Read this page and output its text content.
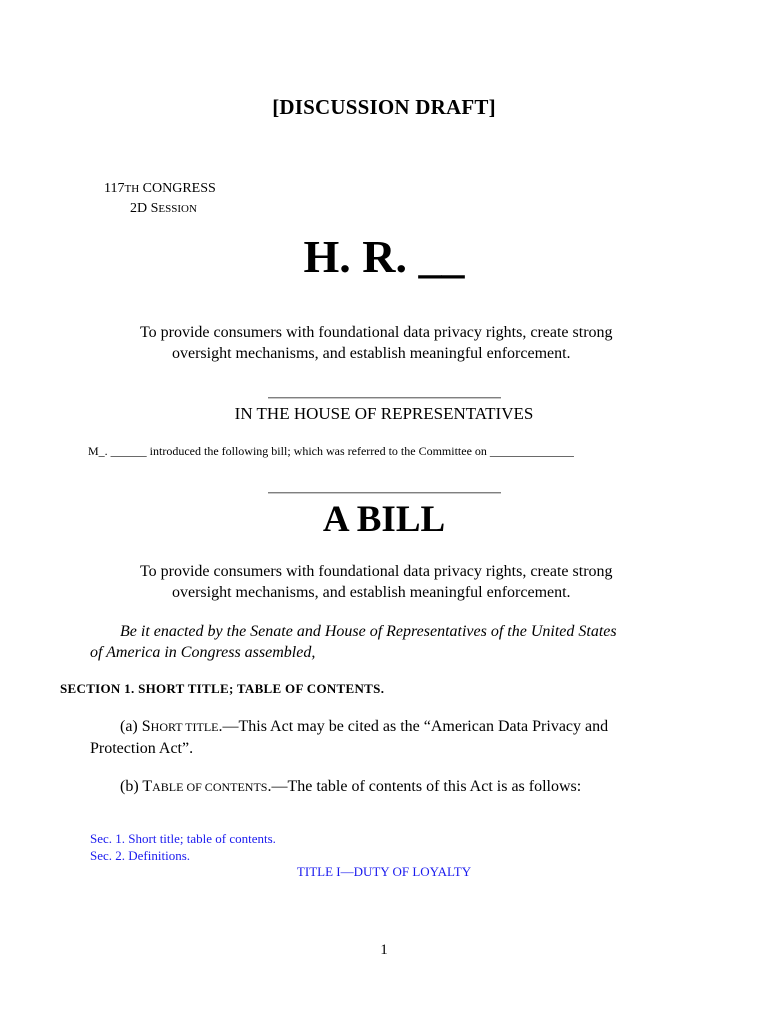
[DISCUSSION DRAFT]
117TH CONGRESS
2D SESSION
H. R. __
To provide consumers with foundational data privacy rights, create strong
oversight mechanisms, and establish meaningful enforcement.
IN THE HOUSE OF REPRESENTATIVES
M_. ______ introduced the following bill; which was referred to the Committee on ______________
A BILL
To provide consumers with foundational data privacy rights, create strong
oversight mechanisms, and establish meaningful enforcement.
Be it enacted by the Senate and House of Representatives of the United States
of America in Congress assembled,
SECTION 1. SHORT TITLE; TABLE OF CONTENTS.
(a) SHORT TITLE.—This Act may be cited as the “American Data Privacy and
Protection Act”.
(b) TABLE OF CONTENTS.—The table of contents of this Act is as follows:
Sec. 1. Short title; table of contents.
Sec. 2. Definitions.
TITLE I—DUTY OF LOYALTY
1
